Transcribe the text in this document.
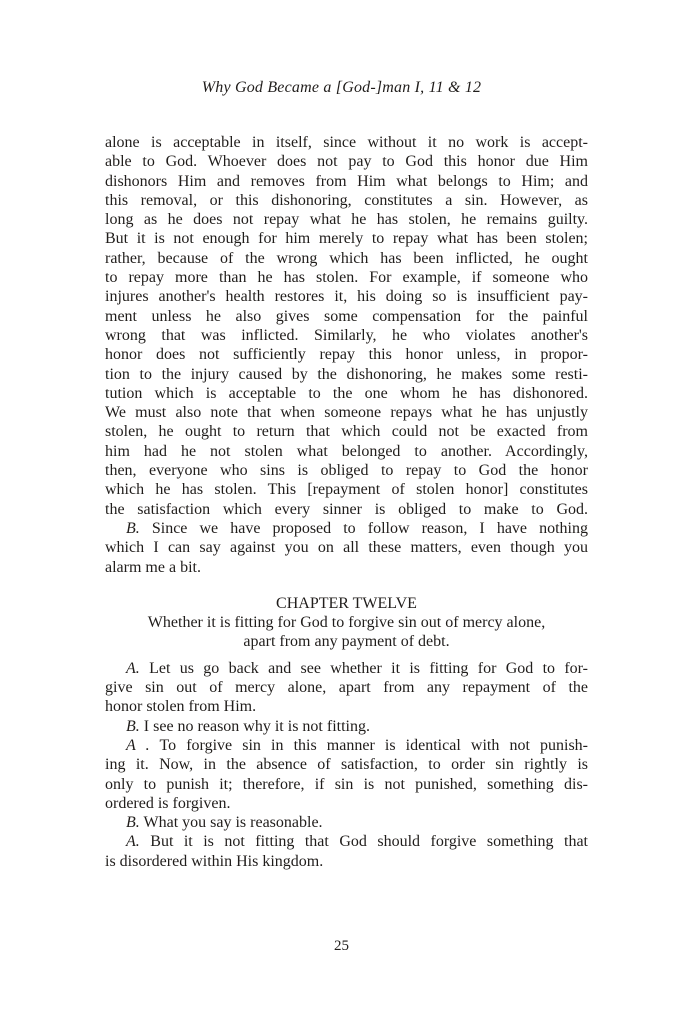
Why God Became a [God-]man I, 11 & 12
alone is acceptable in itself, since without it no work is accept-
able to God. Whoever does not pay to God this honor due Him
dishonors Him and removes from Him what belongs to Him; and
this removal, or this dishonoring, constitutes a sin. However, as
long as he does not repay what he has stolen, he remains guilty.
But it is not enough for him merely to repay what has been stolen;
rather, because of the wrong which has been inflicted, he ought
to repay more than he has stolen. For example, if someone who
injures another's health restores it, his doing so is insufficient pay-
ment unless he also gives some compensation for the painful
wrong that was inflicted. Similarly, he who violates another's
honor does not sufficiently repay this honor unless, in propor-
tion to the injury caused by the dishonoring, he makes some resti-
tution which is acceptable to the one whom he has dishonored.
We must also note that when someone repays what he has unjustly
stolen, he ought to return that which could not be exacted from
him had he not stolen what belonged to another. Accordingly,
then, everyone who sins is obliged to repay to God the honor
which he has stolen. This [repayment of stolen honor] constitutes
the satisfaction which every sinner is obliged to make to God.
B. Since we have proposed to follow reason, I have nothing
which I can say against you on all these matters, even though you
alarm me a bit.
CHAPTER TWELVE
Whether it is fitting for God to forgive sin out of mercy alone,
apart from any payment of debt.
A. Let us go back and see whether it is fitting for God to for-
give sin out of mercy alone, apart from any repayment of the
honor stolen from Him.
B. I see no reason why it is not fitting.
A . To forgive sin in this manner is identical with not punish-
ing it. Now, in the absence of satisfaction, to order sin rightly is
only to punish it; therefore, if sin is not punished, something dis-
ordered is forgiven.
B. What you say is reasonable.
A. But it is not fitting that God should forgive something that
is disordered within His kingdom.
25
